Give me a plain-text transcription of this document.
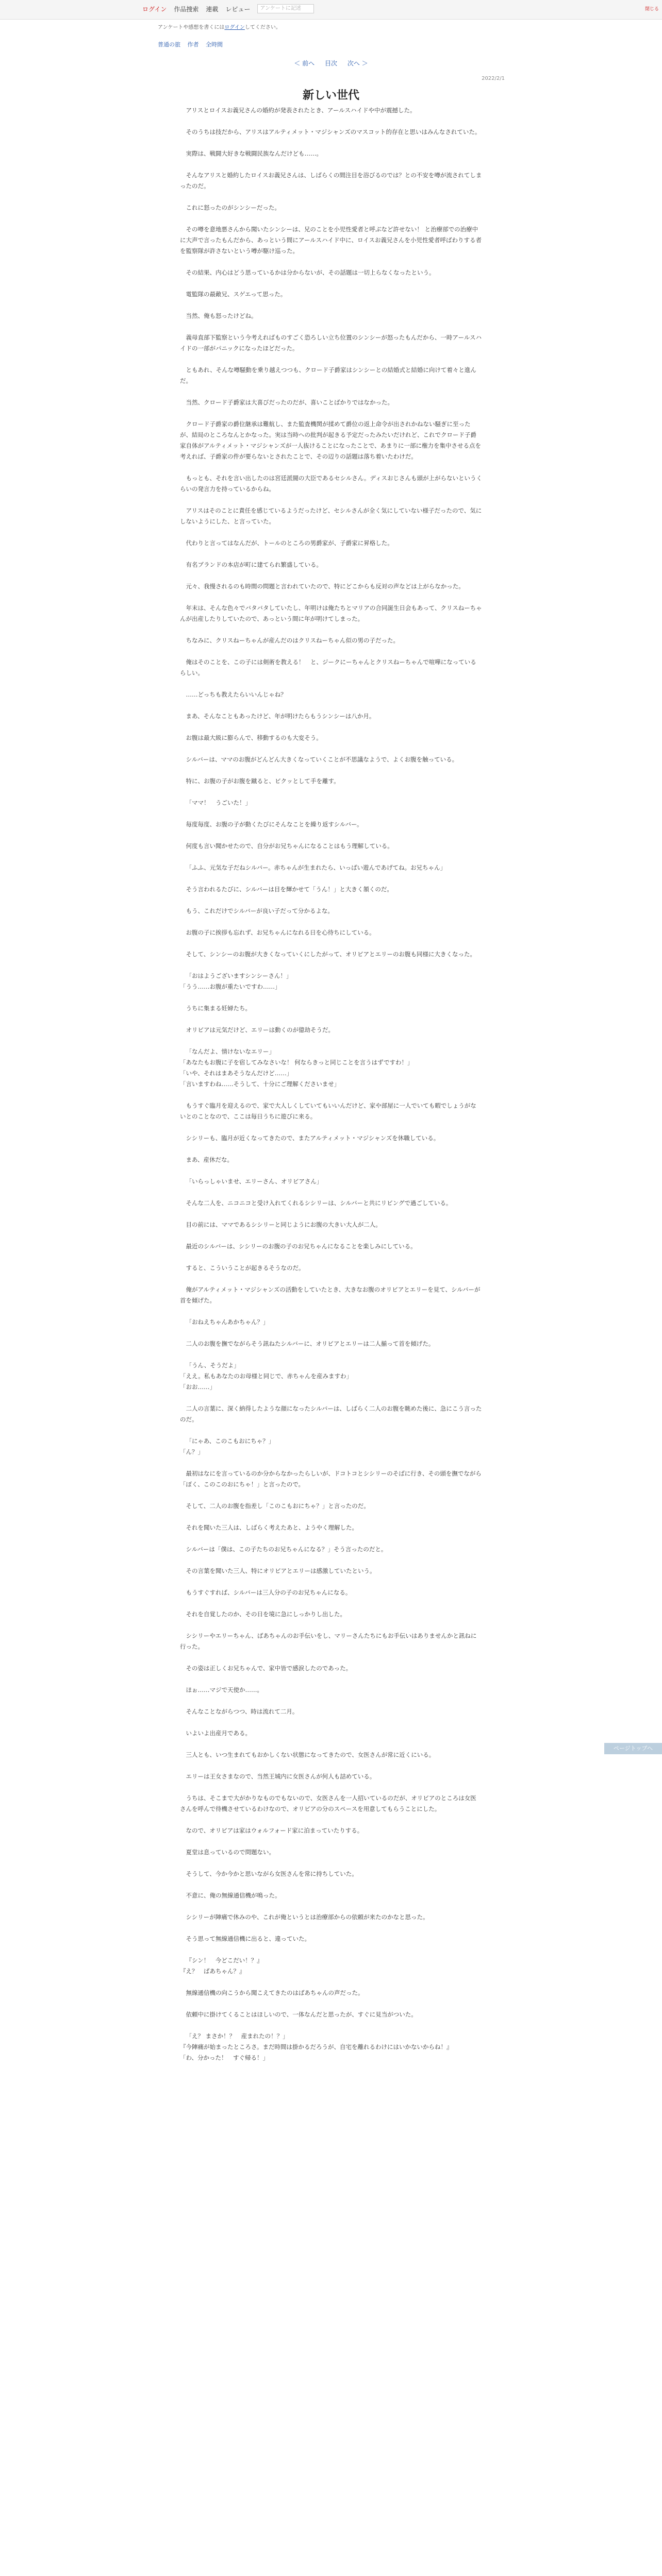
ログイン 作品捜索 連載 レビュー	アンケートに記述	閉じる
アンケートや感想を書くにはログインしてください。
普通の旅 作者 全時間
＜ 前へ 目次 次へ ＞
2022/2/1
新しい世代

アリスとロイスお義兄さんの婚約が発表されたとき、アールスハイドや中が震撼した。

そのうちは技だから、アリスはアルティメット・マジシャンズのマスコット的存在と思いはみんなされていた。

実際は、戦闘大好きな戦闘民族なんだけども……。

そんなアリスと婚約したロイスお義兄さんは、しばらくの間注目を浴びるのでは？との不安を噂が流されてしまったのだ。

これに怒ったのがシンシーだった。

その噂を意地悪さんから聞いたシンシーは、兄のことを小児性愛者と呼ぶなど許せない！ と治療部での治療中に大声で言ったもんだから、あっという間にアールスハイド中に、ロイスお義兄さんを小児性愛者呼ばわりする者を監察隊が許さないという噂が駆け巡った。

その結果、内心はどう思っているかは分からないが、その話題は一切上らなくなったという。

電監隊の最敵兄、スゲエって思った。

当然、俺も怒ったけどね。

義母直部下監察という今考えればものすごく恐ろしい立ち位置のシンシーが怒ったもんだから、一時アールスハイドの一部がパニックになったほどだった。

ともあれ、そんな噂騒動を乗り越えつつも、クロード子爵家はシンシーとの結婚式と結婚に向けて着々と進んだ。

当然、クロード子爵家は大喜びだったのだが、喜いことばかりではなかった。

クロード子爵家の爵位継承は難航し、また監査機関が揉めて爵位の返上命令が出されかねない騒ぎに至ったが、結局のところなんとかなった。実は当時への批判が起きる予定だったみたいだけれど、これでクロード子爵家自体がアルティメット・マジシャンズが一人抜けることになったことで、あまりに一部に権力を集中させる点を考えれば、子爵家の件が要らないとされたことで、その辺りの話題は落ち着いたわけだ。

もっとも、それを言い出したのは宮廷派閥の大臣であるセシルさん。ディスおじさんも頭が上がらないというくらいの発言力を持っているからね。

アリスはそのことに責任を感じているようだったけど、セシルさんが全く気にしていない様子だったので、気にしないようにした、と言っていた。

代わりと言ってはなんだが、トールのところの男爵家が、子爵家に昇格した。

有名ブランドの本店が町に建てられ繁盛している。

元々、我慢されるのも時間の問題と言われていたので、特にどこからも反対の声などは上がらなかった。

年末は、そんな色々でバタバタしていたし、年明けは俺たちとマリアの合同誕生日会もあって、クリスねーちゃんが出産したりしていたので、あっという間に年が明けてしまった。

ちなみに、クリスねーちゃんが産んだのはクリスねーちゃん似の男の子だった。

俺はそのことを、この子には剣術を教える！　と、ジークにーちゃんとクリスねーちゃんで喧嘩になっているらしい。

……どっちも教えたらいいんじゃね？

まあ、そんなこともあったけど、年が明けたらもうシンシーは八か月。

お腹は最大級に膨らんで、移動するのも大変そう。

シルバーは、ママのお腹がどんどん大きくなっていくことが不思議なようで、よくお腹を触っている。

特に、お腹の子がお腹を蹴ると、ビクッとして手を離す。

「ママ！　うごいた！」

毎度毎度、お腹の子が動くたびにそんなことを繰り返すシルバー。

何度も言い聞かせたので、自分がお兄ちゃんになることはもう理解している。

「ふふ、元気な子だねシルバー。赤ちゃんが生まれたら、いっぱい遊んであげてね。お兄ちゃん」

そう言われるたびに、シルバーは目を輝かせて「うん！」と大きく頷くのだ。

もう、これだけでシルバーが良い子だって分かるよな。

お腹の子に挨拶も忘れず、お兄ちゃんになれる日を心待ちにしている。

そして、シンシーのお腹が大きくなっていくにしたがって、オリビアとエリーのお腹も同様に大きくなった。

「おはようございますシンシーさん！」
「うう……お腹が重たいですわ……」

うちに集まる妊婦たち。

オリビアは元気だけど、エリーは動くのが億劫そうだ。

「なんだよ、情けないなエリー」
「あなたもお腹に子を宿してみなさいな！ 何ならきっと同じことを言うはずですわ！」
「いや、それはまあそうなんだけど……」
「言いますわね……そうして、十分にご理解くださいませ」

もうすぐ臨月を迎えるので、家で大人しくしていてもいいんだけど、家や部屋に一人でいても暇でしょうがないとのことなので、ここは毎日うちに遊びに来る。

シシリーも、臨月が近くなってきたので、またアルティメット・マジシャンズを休職している。

まあ、産休だな。

「いらっしゃいませ、エリーさん、オリビアさん」

そんな二人を、ニコニコと受け入れてくれるシシリーは、シルバーと共にリビングで過ごしている。

目の前には、ママであるシシリーと同じようにお腹の大きい大人が二人。

最近のシルバーは、シシリーのお腹の子のお兄ちゃんになることを楽しみにしている。

すると、こういうことが起きるそうなのだ。

俺がアルティメット・マジシャンズの活動をしていたとき、大きなお腹のオリビアとエリーを見て、シルバーが首を傾げた。

「おねえちゃんあかちゃん？」

二人のお腹を撫でながらそう訊ねたシルバーに、オリビアとエリーは二人揃って首を傾げた。

「うん、そうだよ」
「ええ。私もあなたのお母様と同じで、赤ちゃんを産みますわ」
「おお……」

二人の言葉に、深く納得したような顔になったシルバーは、しばらく二人のお腹を眺めた後に、急にこう言ったのだ。

「にゃあ、このこもおにちゃ？」
「ん？」

最初はなにを言っているのか分からなかったらしいが、ドコトコとシシリーのそばに行き、その頭を撫でながら「ぼく、このこのおにちゃ！」と言ったので。

そして、二人のお腹を指差し「このこもおにちゃ？」と言ったのだ。

それを聞いた三人は、しばらく考えたあと、ようやく理解した。

シルバーは「僕は、この子たちのお兄ちゃんになる？」そう言ったのだと。

その言葉を聞いた三人、特にオリビアとエリーは感激していたという。

もうすぐすれば、シルバーは三人分の子のお兄ちゃんになる。

それを自覚したのか、その日を境に急にしっかりし出した。

シシリーやエリーちゃん、ばあちゃんのお手伝いをし、マリーさんたちにもお手伝いはありませんかと訊ねに行った。

その姿は正しくお兄ちゃんで、家中皆で感涙したのであった。

ほぉ……マジで天使か……。

そんなことながらつつ、時は流れて二月。

いよいよ出産月である。

三人とも、いつ生まれてもおかしくない状態になってきたので、女医さんが常に近くにいる。

エリーは王女さまなので、当然王城内に女医さんが何人も詰めている。

うちは、そこまで大がかりなものでもないので、女医さんを一人招いているのだが、オリビアのところは女医さんを呼んで待機させているわけなので、オリビアの分のスペースを用意してもらうことにした。

なので、オリビアは家はウォルフォード家に泊まっていたりする。

夏堂は息っているので問題ない。

そうして、今か今かと思いながら女医さんを常に持ちしていた。

不意に、俺の無線通信機が鳴った。

シシリーが陣痛で休みのや、これが俺というとは治療部からの依頼が来たのかなと思った。

そう思って無線通信機に出ると、違っていた。

『シン！　今どこだい！？』
『え？　ばあちゃん？』

無線通信機の向こうから聞こえてきたのはばあちゃんの声だった。

依頼中に掛けてくることはほしいので、一体なんだと思ったが、すぐに見当がついた。

「え？ まさか！？　産まれたの！？」
『今陣痛が始まったところさ。まだ時間は掛かるだろうが、自宅を離れるわけにはいかないからね！』
「わ、分かった！　すぐ帰る！」

ページトップへ
